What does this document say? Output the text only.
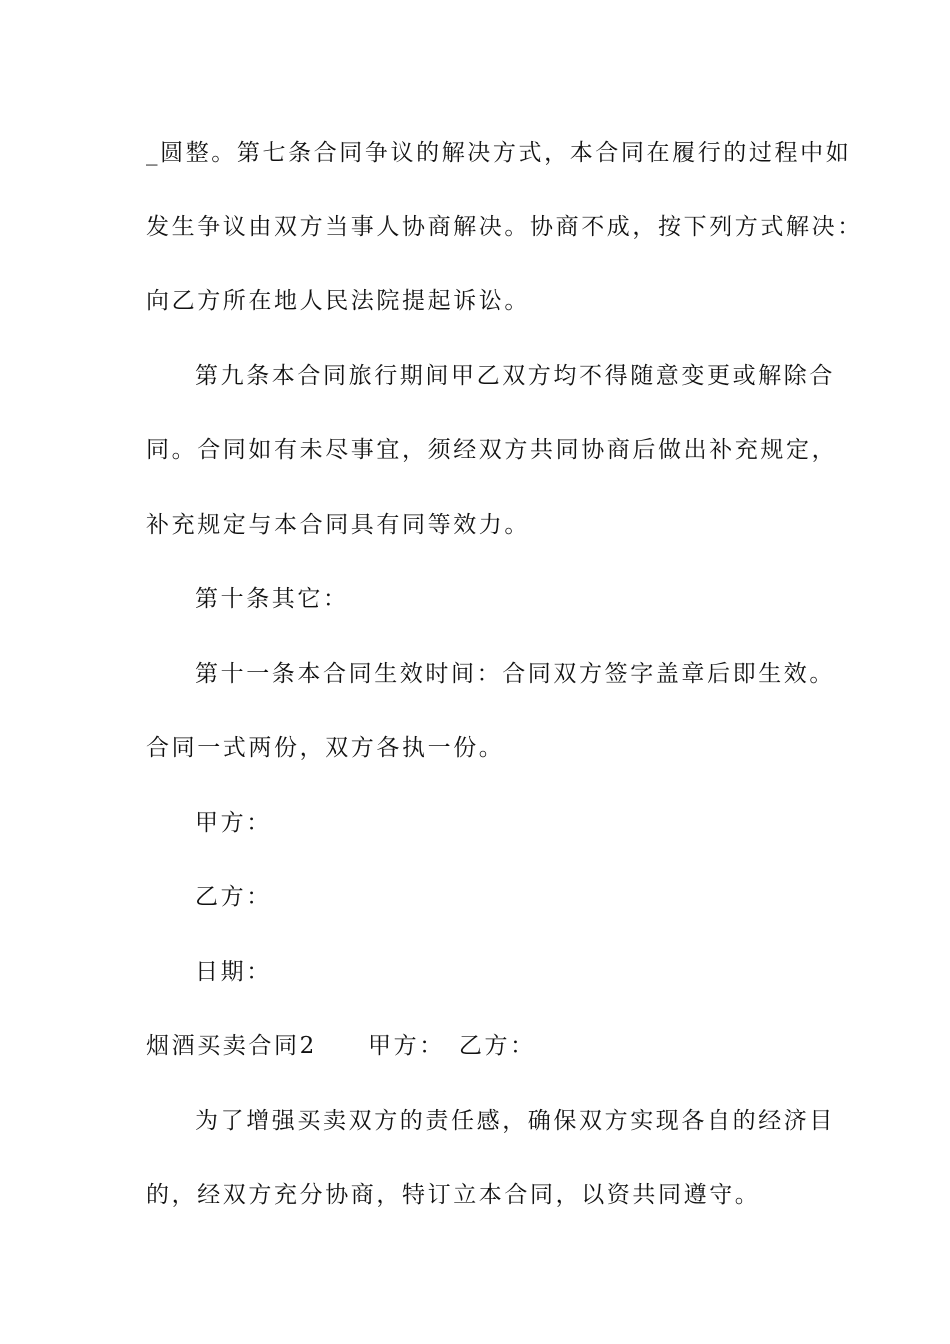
_圆整。第七条合同争议的解决方式，本合同在履行的过程中如
发生争议由双方当事人协商解决。协商不成，按下列方式解决：
向乙方所在地人民法院提起诉讼。
第九条本合同旅行期间甲乙双方均不得随意变更或解除合
同。合同如有未尽事宜，须经双方共同协商后做出补充规定，
补充规定与本合同具有同等效力。
第十条其它：
第十一条本合同生效时间：合同双方签字盖章后即生效。
合同一式两份，双方各执一份。
甲方：
乙方：
日期：
烟酒买卖合同2　　甲方：　乙方：
为了增强买卖双方的责任感，确保双方实现各自的经济目
的，经双方充分协商，特订立本合同，以资共同遵守。
